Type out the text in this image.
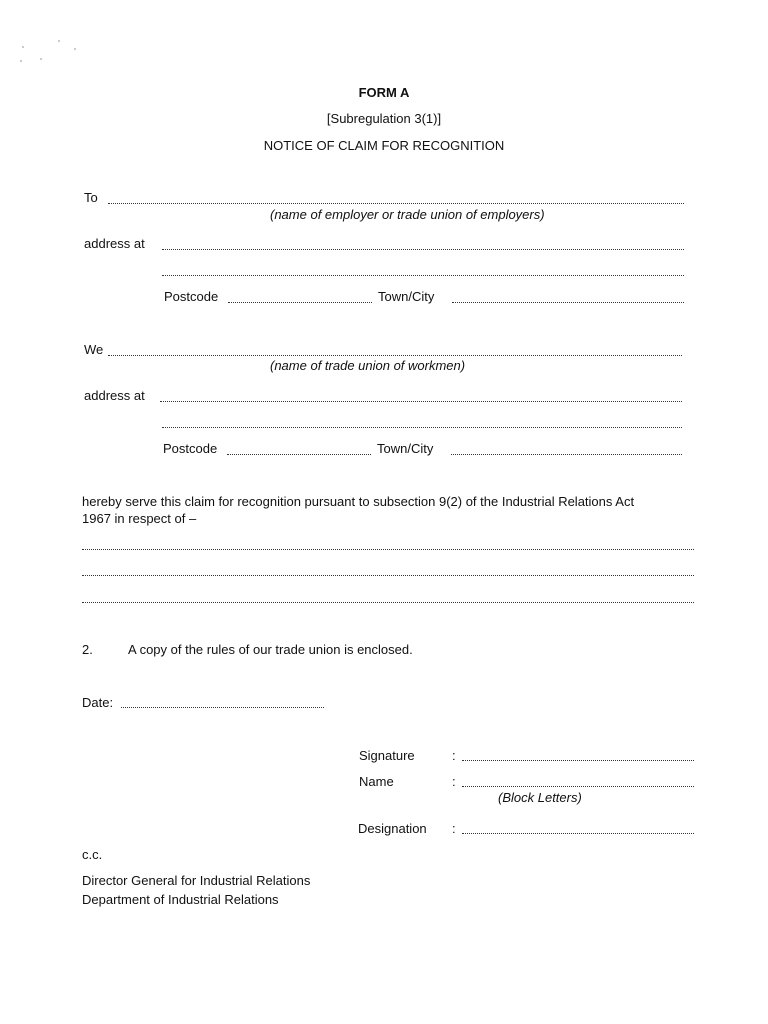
FORM A
[Subregulation 3(1)]
NOTICE OF CLAIM FOR RECOGNITION
To
(name of employer or trade union of employers)
address at
Postcode	Town/City
We
(name of trade union of workmen)
address at
Postcode	Town/City
hereby serve this claim for recognition pursuant to subsection 9(2) of the Industrial Relations Act
1967 in respect of –
2.	A copy of the rules of our trade union is enclosed.
Date:
Signature	:
Name	:
(Block Letters)
Designation :
c.c.
Director General for Industrial Relations
Department of Industrial Relations
